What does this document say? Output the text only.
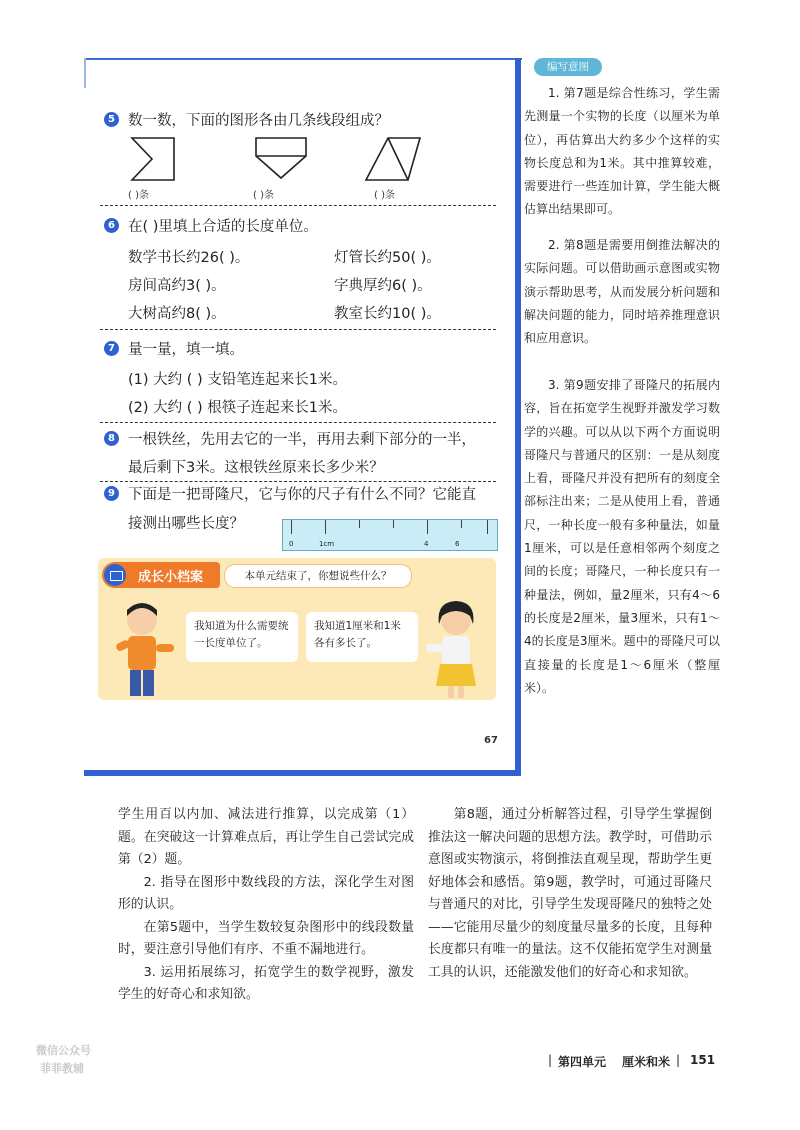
5 数一数，下面的图形各由几条线段组成？
( )条	( )条	( )条
6 在( )里填上合适的长度单位。
数学书长约26( )。	灯管长约50( )。
房间高约3( )。	字典厚约6( )。
大树高约8( )。	教室长约10( )。
7 量一量，填一填。
(1) 大约 ( ) 支铅笔连起来长1米。
(2) 大约 ( ) 根筷子连起来长1米。
8 一根铁丝，先用去它的一半，再用去剩下部分的一半，
最后剩下3米。这根铁丝原来长多少米？
9 下面是一把哥隆尺，它与你的尺子有什么不同？它能直
接测出哪些长度？
0	1cm	4	6
成长小档案	本单元结束了，你想说些什么？
我知道为什么需要统一长度单位了。
我知道1厘米和1米各有多长了。
67
编写意图
1. 第7题是综合性练习，学生需先测量一个实物的长度（以厘米为单位），再估算出大约多少个这样的实物长度总和为1米。其中推算较难，需要进行一些连加计算，学生能大概估算出结果即可。
2. 第8题是需要用倒推法解决的实际问题。可以借助画示意图或实物演示帮助思考，从而发展分析问题和解决问题的能力，同时培养推理意识和应用意识。
3. 第9题安排了哥隆尺的拓展内容，旨在拓宽学生视野并激发学习数学的兴趣。可以从以下两个方面说明哥隆尺与普通尺的区别：一是从刻度上看，哥隆尺并没有把所有的刻度全部标注出来；二是从使用上看，普通尺，一种长度一般有多种量法，如量1厘米，可以是任意相邻两个刻度之间的长度；哥隆尺，一种长度只有一种量法，例如，量2厘米，只有4～6的长度是2厘米，量3厘米，只有1～4的长度是3厘米。题中的哥隆尺可以直接量的长度是1～6厘米（整厘米）。

学生用百以内加、减法进行推算，以完成第（1）题。在突破这一计算难点后，再让学生自己尝试完成第（2）题。

2. 指导在图形中数线段的方法，深化学生对图形的认识。

在第5题中，当学生数较复杂图形中的线段数量时，要注意引导他们有序、不重不漏地进行。

3. 运用拓展练习，拓宽学生的数学视野，激发学生的好奇心和求知欲。

第8题，通过分析解答过程，引导学生掌握倒推法这一解决问题的思想方法。教学时，可借助示意图或实物演示，将倒推法直观呈现，帮助学生更好地体会和感悟。第9题，教学时，可通过哥隆尺与普通尺的对比，引导学生发现哥隆尺的独特之处——它能用尽量少的刻度量尽量多的长度，且每种长度都只有唯一的量法。这不仅能拓宽学生对测量工具的认识，还能激发他们的好奇心和求知欲。

| 第四单元 厘米和米 | 151
微信公众号
菲菲教辅
